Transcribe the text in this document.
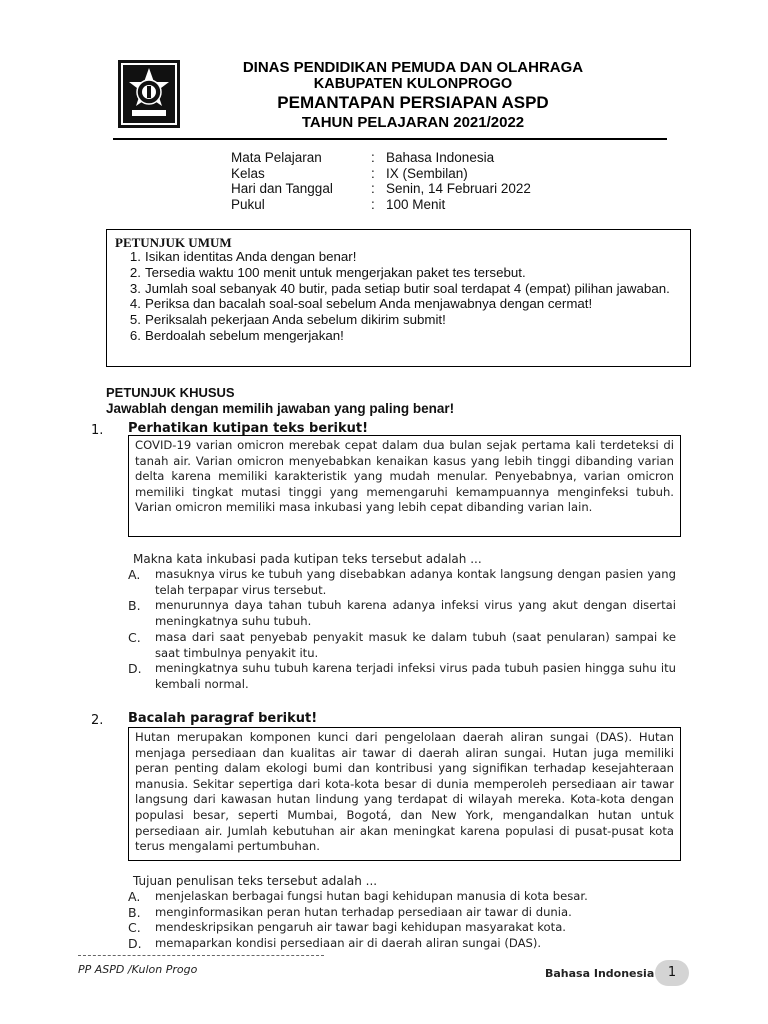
DINAS PENDIDIKAN PEMUDA DAN OLAHRAGA
KABUPATEN KULONPROGO
PEMANTAPAN PERSIAPAN ASPD
TAHUN PELAJARAN 2021/2022
Mata Pelajaran	: Bahasa Indonesia
Kelas	: IX (Sembilan)
Hari dan Tanggal	: Senin, 14 Februari 2022
Pukul	: 100 Menit
PETUNJUK UMUM
1. Isikan identitas Anda dengan benar!
2. Tersedia waktu 100 menit untuk mengerjakan paket tes tersebut.
3. Jumlah soal sebanyak 40 butir, pada setiap butir soal terdapat 4 (empat) pilihan jawaban.
4. Periksa dan bacalah soal-soal sebelum Anda menjawabnya dengan cermat!
5. Periksalah pekerjaan Anda sebelum dikirim submit!
6. Berdoalah sebelum mengerjakan!
PETUNJUK KHUSUS
Jawablah dengan memilih jawaban yang paling benar!
1. Perhatikan kutipan teks berikut!
COVID-19 varian omicron merebak cepat dalam dua bulan sejak pertama kali terdeteksi di tanah air. Varian omicron menyebabkan kenaikan kasus yang lebih tinggi dibanding varian delta karena memiliki karakteristik yang mudah menular. Penyebabnya, varian omicron memiliki tingkat mutasi tinggi yang memengaruhi kemampuannya menginfeksi tubuh. Varian omicron memiliki masa inkubasi yang lebih cepat dibanding varian lain.
Makna kata inkubasi pada kutipan teks tersebut adalah ...
A. masuknya virus ke tubuh yang disebabkan adanya kontak langsung dengan pasien yang telah terpapar virus tersebut.
B. menurunnya daya tahan tubuh karena adanya infeksi virus yang akut dengan disertai meningkatnya suhu tubuh.
C. masa dari saat penyebab penyakit masuk ke dalam tubuh (saat penularan) sampai ke saat timbulnya penyakit itu.
D. meningkatnya suhu tubuh karena terjadi infeksi virus pada tubuh pasien hingga suhu itu kembali normal.
2. Bacalah paragraf berikut!
Hutan merupakan komponen kunci dari pengelolaan daerah aliran sungai (DAS). Hutan menjaga persediaan dan kualitas air tawar di daerah aliran sungai. Hutan juga memiliki peran penting dalam ekologi bumi dan kontribusi yang signifikan terhadap kesejahteraan manusia. Sekitar sepertiga dari kota-kota besar di dunia memperoleh persediaan air tawar langsung dari kawasan hutan lindung yang terdapat di wilayah mereka. Kota-kota dengan populasi besar, seperti Mumbai, Bogotá, dan New York, mengandalkan hutan untuk persediaan air. Jumlah kebutuhan air akan meningkat karena populasi di pusat-pusat kota terus mengalami pertumbuhan.
Tujuan penulisan teks tersebut adalah ...
A. menjelaskan berbagai fungsi hutan bagi kehidupan manusia di kota besar.
B. menginformasikan peran hutan terhadap persediaan air tawar di dunia.
C. mendeskripsikan pengaruh air tawar bagi kehidupan masyarakat kota.
D. memaparkan kondisi persediaan air di daerah aliran sungai (DAS).
PP ASPD /Kulon Progo	Bahasa Indonesia	1
